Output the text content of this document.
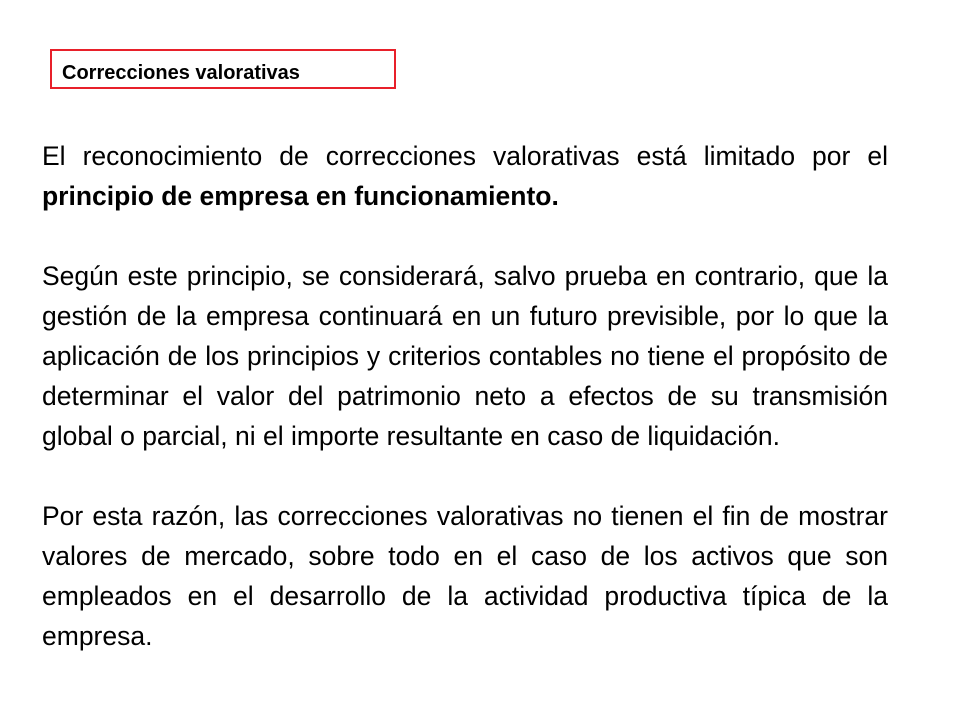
Correcciones valorativas

El reconocimiento de correcciones valorativas está limitado por el principio de empresa en funcionamiento.

Según este principio, se considerará, salvo prueba en contrario, que la gestión de la empresa continuará en un futuro previsible, por lo que la aplicación de los principios y criterios contables no tiene el propósito de determinar el valor del patrimonio neto a efectos de su transmisión global o parcial, ni el importe resultante en caso de liquidación.

Por esta razón, las correcciones valorativas no tienen el fin de mostrar valores de mercado, sobre todo en el caso de los activos que son empleados en el desarrollo de la actividad productiva típica de la empresa.
